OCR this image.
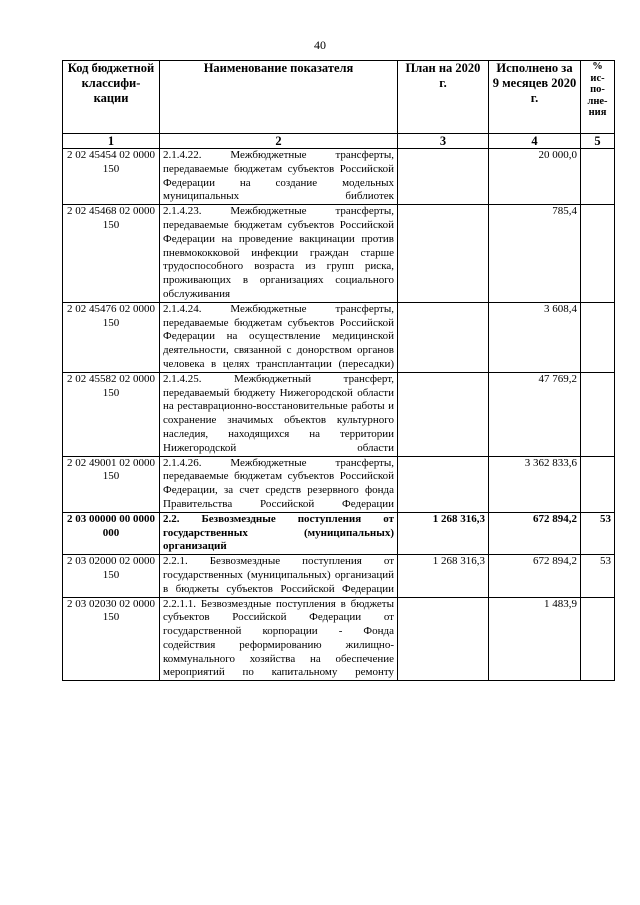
40
Код бюджетной классифи-кации	Наименование показателя	План на 2020 г.	Исполнено за 9 месяцев 2020 г.	% ис-по-лне-ния
1	2	3	4	5
2 02 45454 02 0000 150	2.1.4.22. Межбюджетные трансферты, передаваемые бюджетам субъектов Российской Федерации на создание модельных муниципальных библиотек		20 000,0	
2 02 45468 02 0000 150	2.1.4.23. Межбюджетные трансферты, передаваемые бюджетам субъектов Российской Федерации на проведение вакцинации против пневмококковой инфекции граждан старше трудоспособного возраста из групп риска, проживающих в организациях социального обслуживания		785,4	
2 02 45476 02 0000 150	2.1.4.24. Межбюджетные трансферты, передаваемые бюджетам субъектов Российской Федерации на осуществление медицинской деятельности, связанной с донорством органов человека в целях трансплантации (пересадки)		3 608,4	
2 02 45582 02 0000 150	2.1.4.25. Межбюджетный трансферт, передаваемый бюджету Нижегородской области на реставрационно-восстановительные работы и сохранение значимых объектов культурного наследия, находящихся на территории Нижегородской области		47 769,2	
2 02 49001 02 0000 150	2.1.4.26. Межбюджетные трансферты, передаваемые бюджетам субъектов Российской Федерации, за счет средств резервного фонда Правительства Российской Федерации		3 362 833,6	
2 03 00000 00 0000 000	2.2. Безвозмездные поступления от государственных (муниципальных) организаций	1 268 316,3	672 894,2	53
2 03 02000 02 0000 150	2.2.1. Безвозмездные поступления от государственных (муниципальных) организаций в бюджеты субъектов Российской Федерации	1 268 316,3	672 894,2	53
2 03 02030 02 0000 150	2.2.1.1. Безвозмездные поступления в бюджеты субъектов Российской Федерации от государственной корпорации - Фонда содействия реформированию жилищно-коммунального хозяйства на обеспечение мероприятий по капитальному ремонту		1 483,9	
